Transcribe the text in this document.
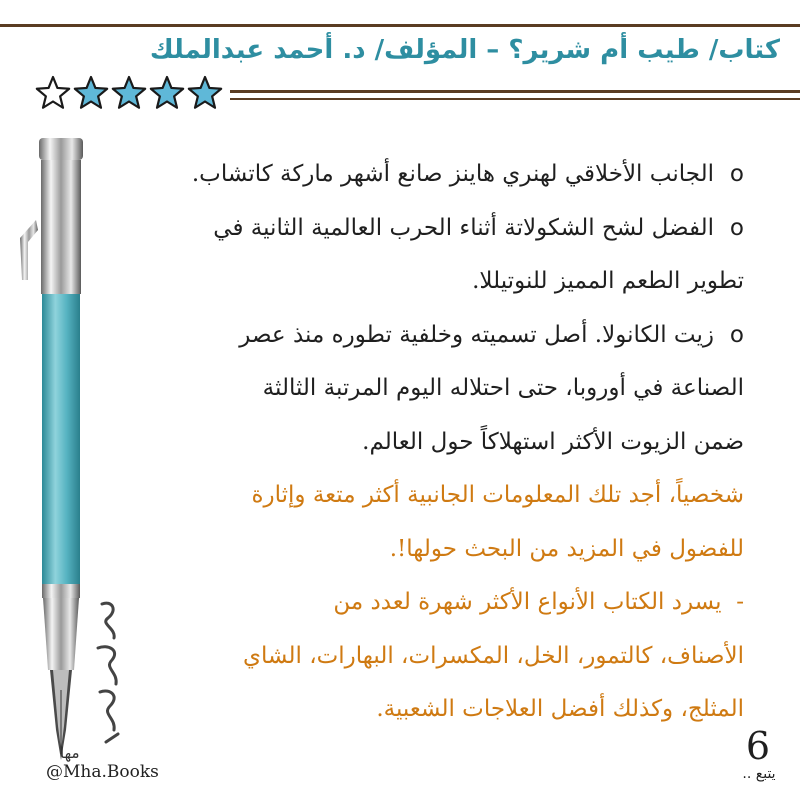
كتاب/ طيب أم شرير؟ – المؤلف/ د. أحمد عبدالملك
oالجانب الأخلاقي لهنري هاينز صانع أشهر ماركة كاتشاب.
oالفضل لشح الشكولاتة أثناء الحرب العالمية الثانية في
تطوير الطعم المميز للنوتيللا.
oزيت الكانولا. أصل تسميته وخلفية تطوره منذ عصر
الصناعة في أوروبا، حتى احتلاله اليوم المرتبة الثالثة
ضمن الزيوت الأكثر استهلاكاً حول العالم.
شخصياً، أجد تلك المعلومات الجانبية أكثر متعة وإثارة
للفضول في المزيد من البحث حولها!.
-  يسرد الكتاب الأنواع الأكثر شهرة لعدد من
الأصناف، كالتمور، الخل، المكسرات، البهارات، الشاي
المثلج، وكذلك أفضل العلاجات الشعبية.
6
يتبع ..
مها
@Mha.Books
